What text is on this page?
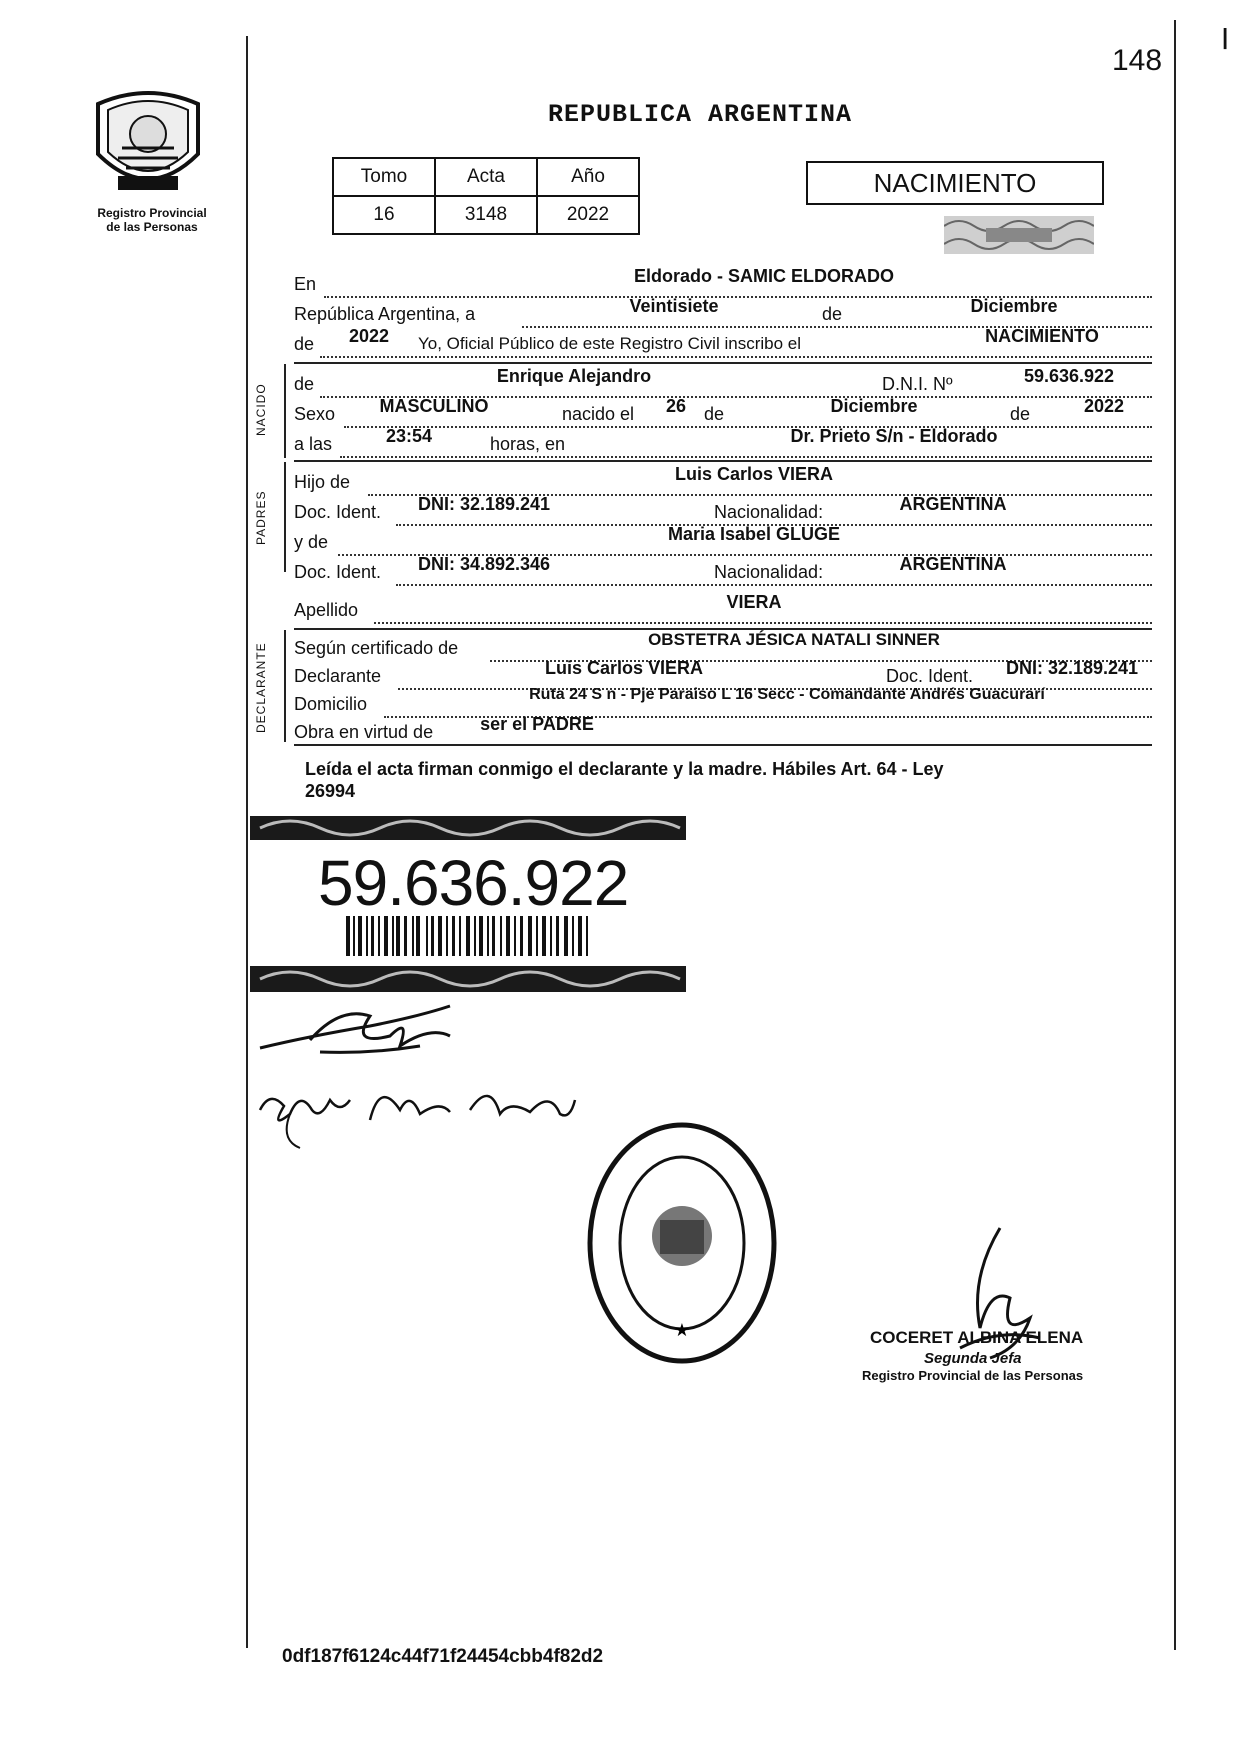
148
|
Registro Provincial
de las Personas
REPUBLICA ARGENTINA
Tomo	Acta	Año
16	3148	2022
NACIMIENTO
En	Eldorado - SAMIC ELDORADO
República Argentina, a	Veintisiete	de	Diciembre
de	2022	Yo, Oficial Público de este Registro Civil inscribo el	NACIMIENTO
NACIDO	de	Enrique Alejandro	D.N.I. Nº	59.636.922
Sexo	MASCULINO	nacido el	26 de	Diciembre	de	2022
a las	23:54	horas, en	Dr. Prieto S/n - Eldorado
PADRES
Hijo de	Luis Carlos VIERA
Doc. Ident.	DNI: 32.189.241	Nacionalidad:	ARGENTINA
y de	Maria Isabel GLUGE
Doc. Ident.	DNI: 34.892.346	Nacionalidad:	ARGENTINA
Apellido	VIERA
DECLARANTE	Según certificado de	OBSTETRA JÉSICA NATALI SINNER
Declarante	Luis Carlos VIERA	Doc. Ident.	DNI: 32.189.241
Domicilio	Ruta 24 S n - Pje Paraiso L 16 Secc - Comandante Andrés Guacurarí
Obra en virtud de	ser el PADRE
Leída el acta firman conmigo el declarante y la madre. Hábiles Art. 64 - Ley
26994
59.636.922
★	COCERET ALBINA ELENA
Segunda Jefa
Registro Provincial de las Personas
0df187f6124c44f71f24454cbb4f82d2
